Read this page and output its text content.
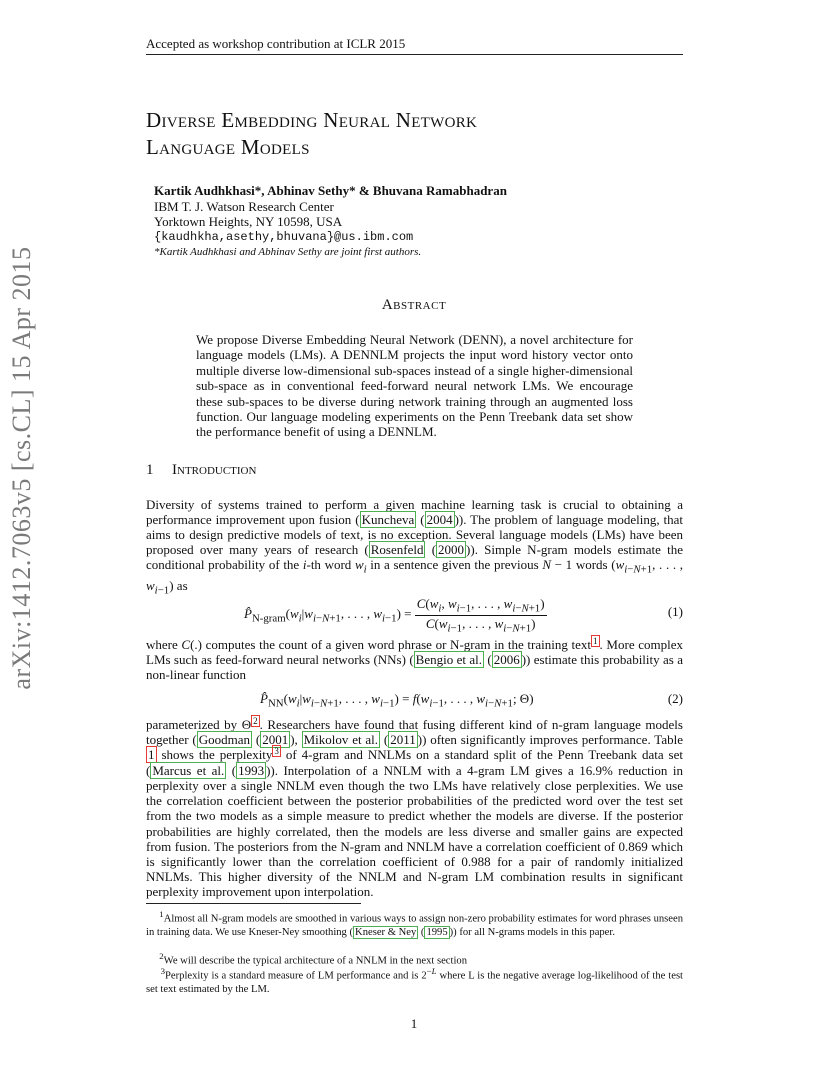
Accepted as workshop contribution at ICLR 2015
Diverse Embedding Neural Network
Language Models
Kartik Audhkhasi*, Abhinav Sethy* & Bhuvana Ramabhadran
IBM T. J. Watson Research Center
Yorktown Heights, NY 10598, USA
{kaudhkha,asethy,bhuvana}@us.ibm.com
*Kartik Audhkhasi and Abhinav Sethy are joint first authors.
arXiv:1412.7063v5 [cs.CL] 15 Apr 2015	Abstract
We propose Diverse Embedding Neural Network (DENN), a novel architecture for language models (LMs). A DENNLM projects the input word history vector onto multiple diverse low-dimensional sub-spaces instead of a single higher-dimensional sub-space as in conventional feed-forward neural network LMs. We encourage these sub-spaces to be diverse during network training through an augmented loss function. Our language modeling experiments on the Penn Treebank data set show the performance benefit of using a DENNLM.
1 Introduction
Diversity of systems trained to perform a given machine learning task is crucial to obtaining a performance improvement upon fusion ( Kuncheva ( 2004 )). The problem of language modeling, that aims to design predictive models of text, is no exception. Several language models (LMs) have been proposed over many years of research ( Rosenfeld ( 2000 )). Simple N-gram models estimate the conditional probability of the i-th word $w_i$ in a sentence given the previous N − 1 words ($w_{i-N+1}$, . . . , $w_{i-1}$) as
$P̂_{N-gram}(w_i|w_{i-N+1}$, . . . , $w_{i-1}) = \frac{C(w_i, w_{i-1}, . . . , w_{i-N+1})}{C(w_{i-1}, . . . , w_{i-N+1})}$	(1)
where C(.) computes the count of a given word phrase or N-gram in the training text $^1$ . More complex LMs such as feed-forward neural networks (NNs) ( Bengio et al. ( 2006 )) estimate this probability as a non-linear function
$P̂_{NN}(w_i|w_{i-N+1}$, . . . , $w_{i-1}) = f(w_{i-1}$, . . . , $w_{i-N+1}$; Θ)	(2)
parameterized by Θ $^2$ . Researchers have found that fusing different kind of n-gram language models together ( Goodman ( 2001 ), Mikolov et al. ( 2011 )) often significantly improves performance. Table 1 shows the perplexity $^3$ of 4-gram and NNLMs on a standard split of the Penn Treebank data set ( Marcus et al. ( 1993 )). Interpolation of a NNLM with a 4-gram LM gives a 16.9% reduction in perplexity over a single NNLM even though the two LMs have relatively close perplexities. We use the correlation coefficient between the posterior probabilities of the predicted word over the test set from the two models as a simple measure to predict whether the models are diverse. If the posterior probabilities are highly correlated, then the models are less diverse and smaller gains are expected from fusion. The posteriors from the N-gram and NNLM have a correlation coefficient of 0.869 which is significantly lower than the correlation coefficient of 0.988 for a pair of randomly initialized NNLMs. This higher diversity of the NNLM and N-gram LM combination results in significant perplexity improvement upon interpolation.
$^1$Almost all N-gram models are smoothed in various ways to assign non-zero probability estimates for word phrases unseen in training data. We use Kneser-Ney smoothing ( Kneser & Ney ( 1995 )) for all N-grams models in this paper.
$^2$We will describe the typical architecture of a NNLM in the next section
$^3$Perplexity is a standard measure of LM performance and is $2^{-L}$ where L is the negative average log-likelihood of the test set text estimated by the LM.
1
